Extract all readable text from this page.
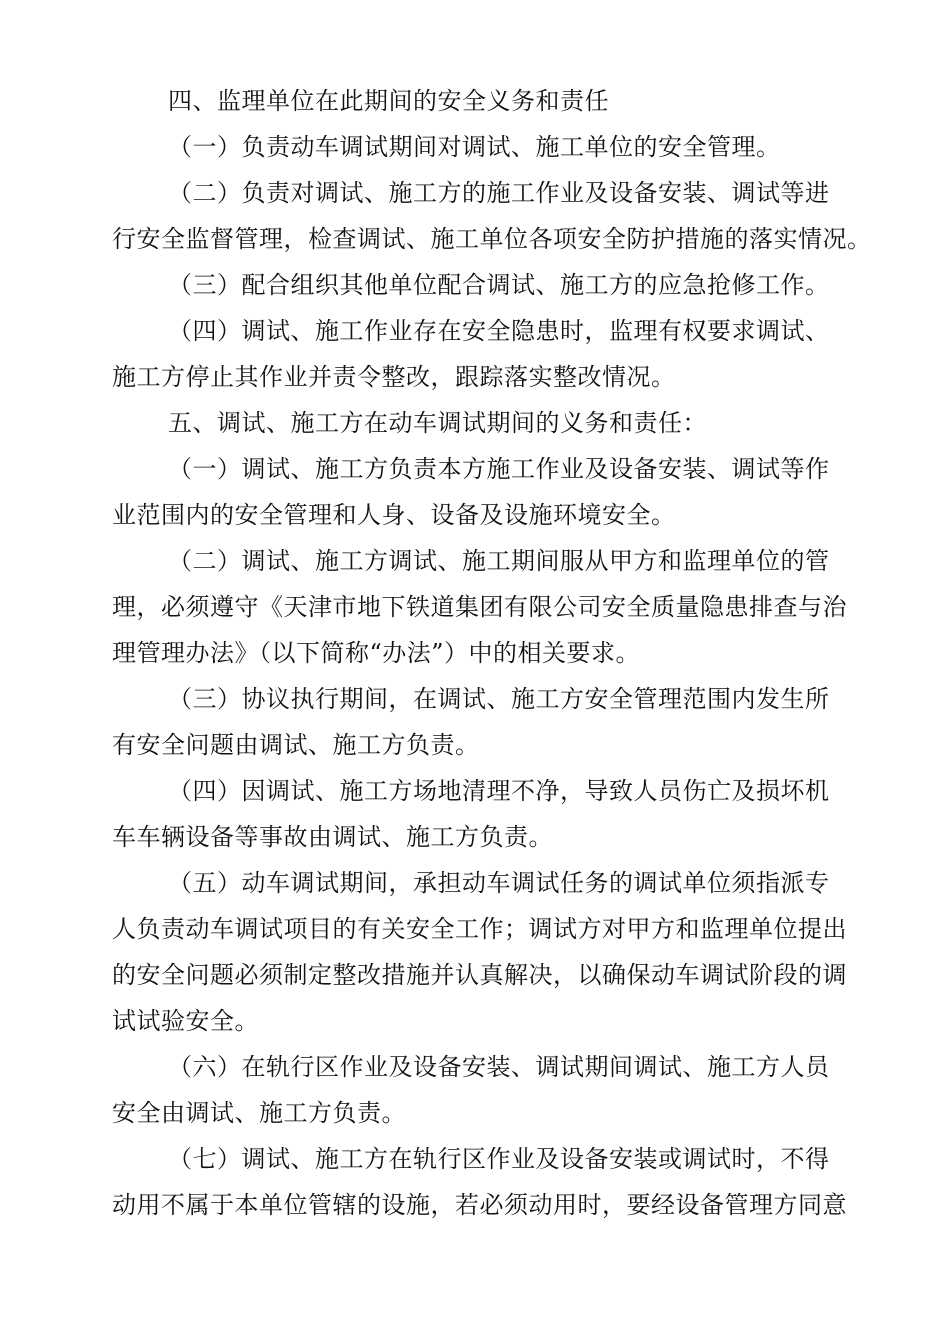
四、监理单位在此期间的安全义务和责任
（一）负责动车调试期间对调试、施工单位的安全管理。
（二）负责对调试、施工方的施工作业及设备安装、调试等进
行安全监督管理，检查调试、施工单位各项安全防护措施的落实情况。
（三）配合组织其他单位配合调试、施工方的应急抢修工作。
（四）调试、施工作业存在安全隐患时，监理有权要求调试、
施工方停止其作业并责令整改，跟踪落实整改情况。
五、调试、施工方在动车调试期间的义务和责任：
（一）调试、施工方负责本方施工作业及设备安装、调试等作
业范围内的安全管理和人身、设备及设施环境安全。
（二）调试、施工方调试、施工期间服从甲方和监理单位的管
理，必须遵守《天津市地下铁道集团有限公司安全质量隐患排查与治
理管理办法》（以下简称“办法”）中的相关要求。
（三）协议执行期间，在调试、施工方安全管理范围内发生所
有安全问题由调试、施工方负责。
（四）因调试、施工方场地清理不净，导致人员伤亡及损坏机
车车辆设备等事故由调试、施工方负责。
（五）动车调试期间，承担动车调试任务的调试单位须指派专
人负责动车调试项目的有关安全工作；调试方对甲方和监理单位提出
的安全问题必须制定整改措施并认真解决，以确保动车调试阶段的调
试试验安全。
（六）在轨行区作业及设备安装、调试期间调试、施工方人员
安全由调试、施工方负责。
（七）调试、施工方在轨行区作业及设备安装或调试时，不得
动用不属于本单位管辖的设施，若必须动用时，要经设备管理方同意
